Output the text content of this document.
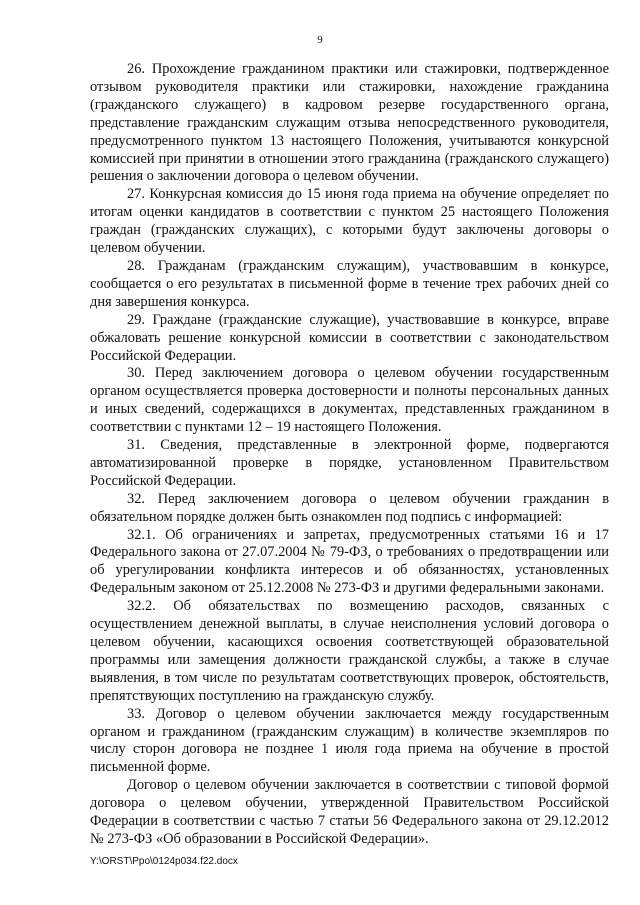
9

26. Прохождение гражданином практики или стажировки, подтвержденное отзывом руководителя практики или стажировки, нахождение гражданина (гражданского служащего) в кадровом резерве государственного органа, представление гражданским служащим отзыва непосредственного руководителя, предусмотренного пунктом 13 настоящего Положения, учитываются конкурсной комиссией при принятии в отношении этого гражданина (гражданского служащего) решения о заключении договора о целевом обучении.

27. Конкурсная комиссия до 15 июня года приема на обучение определяет по итогам оценки кандидатов в соответствии с пунктом 25 настоящего Положения граждан (гражданских служащих), с которыми будут заключены договоры о целевом обучении.

28. Гражданам (гражданским служащим), участвовавшим в конкурсе, сообщается о его результатах в письменной форме в течение трех рабочих дней со дня завершения конкурса.

29. Граждане (гражданские служащие), участвовавшие в конкурсе, вправе обжаловать решение конкурсной комиссии в соответствии с законодательством Российской Федерации.

30. Перед заключением договора о целевом обучении государственным органом осуществляется проверка достоверности и полноты персональных данных и иных сведений, содержащихся в документах, представленных гражданином в соответствии с пунктами 12 – 19 настоящего Положения.

31. Сведения, представленные в электронной форме, подвергаются автоматизированной проверке в порядке, установленном Правительством Российской Федерации.

32. Перед заключением договора о целевом обучении гражданин в обязательном порядке должен быть ознакомлен под подпись с информацией:

32.1. Об ограничениях и запретах, предусмотренных статьями 16 и 17 Федерального закона от 27.07.2004 № 79-ФЗ, о требованиях о предотвращении или об урегулировании конфликта интересов и об обязанностях, установленных Федеральным законом от 25.12.2008 № 273-ФЗ и другими федеральными законами.

32.2. Об обязательствах по возмещению расходов, связанных с осуществлением денежной выплаты, в случае неисполнения условий договора о целевом обучении, касающихся освоения соответствующей образовательной программы или замещения должности гражданской службы, а также в случае выявления, в том числе по результатам соответствующих проверок, обстоятельств, препятствующих поступлению на гражданскую службу.

33. Договор о целевом обучении заключается между государственным органом и гражданином (гражданским служащим) в количестве экземпляров по числу сторон договора не позднее 1 июля года приема на обучение в простой письменной форме.

Договор о целевом обучении заключается в соответствии с типовой формой договора о целевом обучении, утвержденной Правительством Российской Федерации в соответствии с частью 7 статьи 56 Федерального закона от 29.12.2012 № 273-ФЗ «Об образовании в Российской Федерации».

Y:\ORST\Ppo\0124p034.f22.docx
